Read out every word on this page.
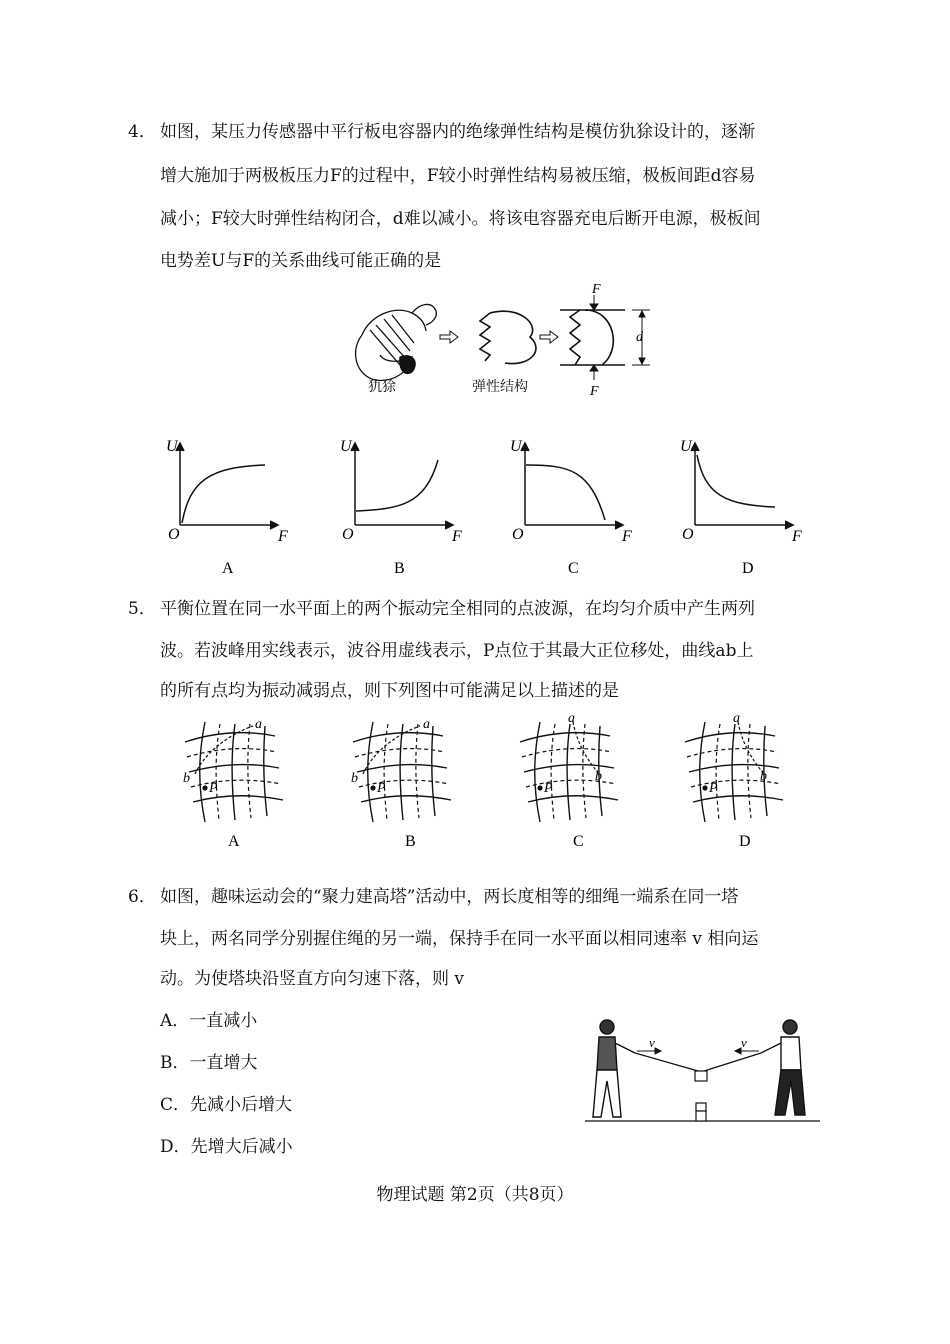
4． 如图，某压力传感器中平行板电容器内的绝缘弹性结构是模仿犰狳设计的，逐渐
增大施加于两极板压力F的过程中，F较小时弹性结构易被压缩，极板间距d容易
减小；F较大时弹性结构闭合，d难以减小。将该电容器充电后断开电源，极板间
电势差U与F的关系曲线可能正确的是
F
F
d
犰狳	弹性结构
U
O	F
U
O	F
U
O	F
U
O	F
A	B	C	D
5． 平衡位置在同一水平面上的两个振动完全相同的点波源，在均匀介质中产生两列
波。若波峰用实线表示，波谷用虚线表示，P点位于其最大正位移处，曲线ab上
的所有点均为振动减弱点，则下列图中可能满足以上描述的是
a
b
P
a
b
P
a
b
P
a
b
P
A	B	C	D
6． 如图，趣味运动会的“聚力建高塔”活动中，两长度相等的细绳一端系在同一塔
块上，两名同学分别握住绳的另一端，保持手在同一水平面以相同速率 v 相向运
动。为使塔块沿竖直方向匀速下落，则 v
A．一直减小
B．一直增大
C．先减小后增大
D．先增大后减小
v	v
物理试题 第2页（共8页）
